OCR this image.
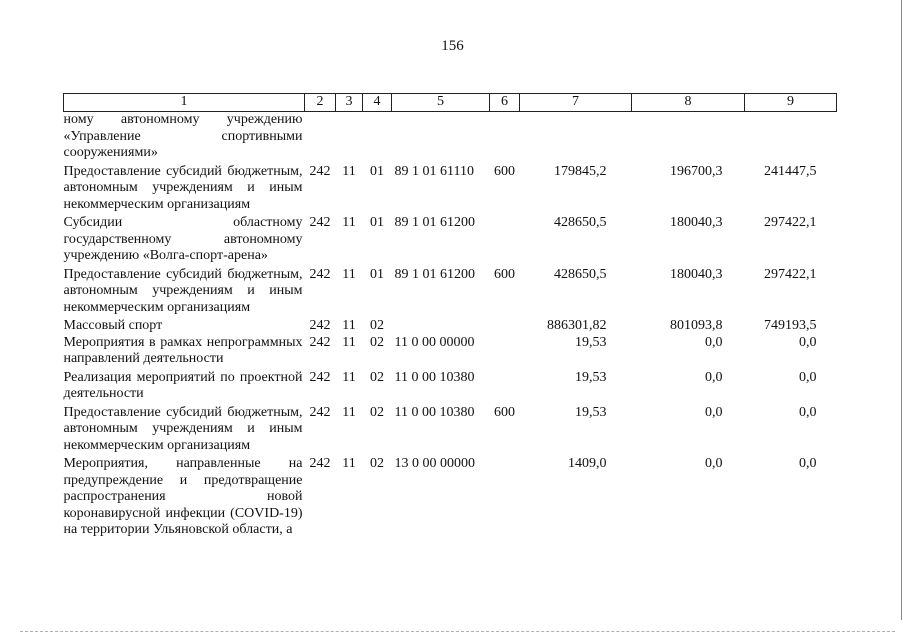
156
1	2	3	4	5	6	7	8	9
ному автономному учреждению «Управление спортивными сооружениями»								
Предоставление субсидий бюджетным, автономным учреждениям и иным некоммерческим организациям	242	11	01	89 1 01 61110	600	179845,2	196700,3	241447,5
Субсидии областному государственному автономному учреждению «Волга-спорт-арена»	242	11	01	89 1 01 61200		428650,5	180040,3	297422,1
Предоставление субсидий бюджетным, автономным учреждениям и иным некоммерческим организациям	242	11	01	89 1 01 61200	600	428650,5	180040,3	297422,1
Массовый спорт	242	11	02			886301,82	801093,8	749193,5
Мероприятия в рамках непрограммных направлений деятельности	242	11	02	11 0 00 00000		19,53	0,0	0,0
Реализация мероприятий по проектной деятельности	242	11	02	11 0 00 10380		19,53	0,0	0,0
Предоставление субсидий бюджетным, автономным учреждениям и иным некоммерческим организациям	242	11	02	11 0 00 10380	600	19,53	0,0	0,0
Мероприятия, направленные на предупреждение и предотвращение распространения новой коронавирусной инфекции (COVID-19) на территории Ульяновской области, а	242	11	02	13 0 00 00000		1409,0	0,0	0,0
